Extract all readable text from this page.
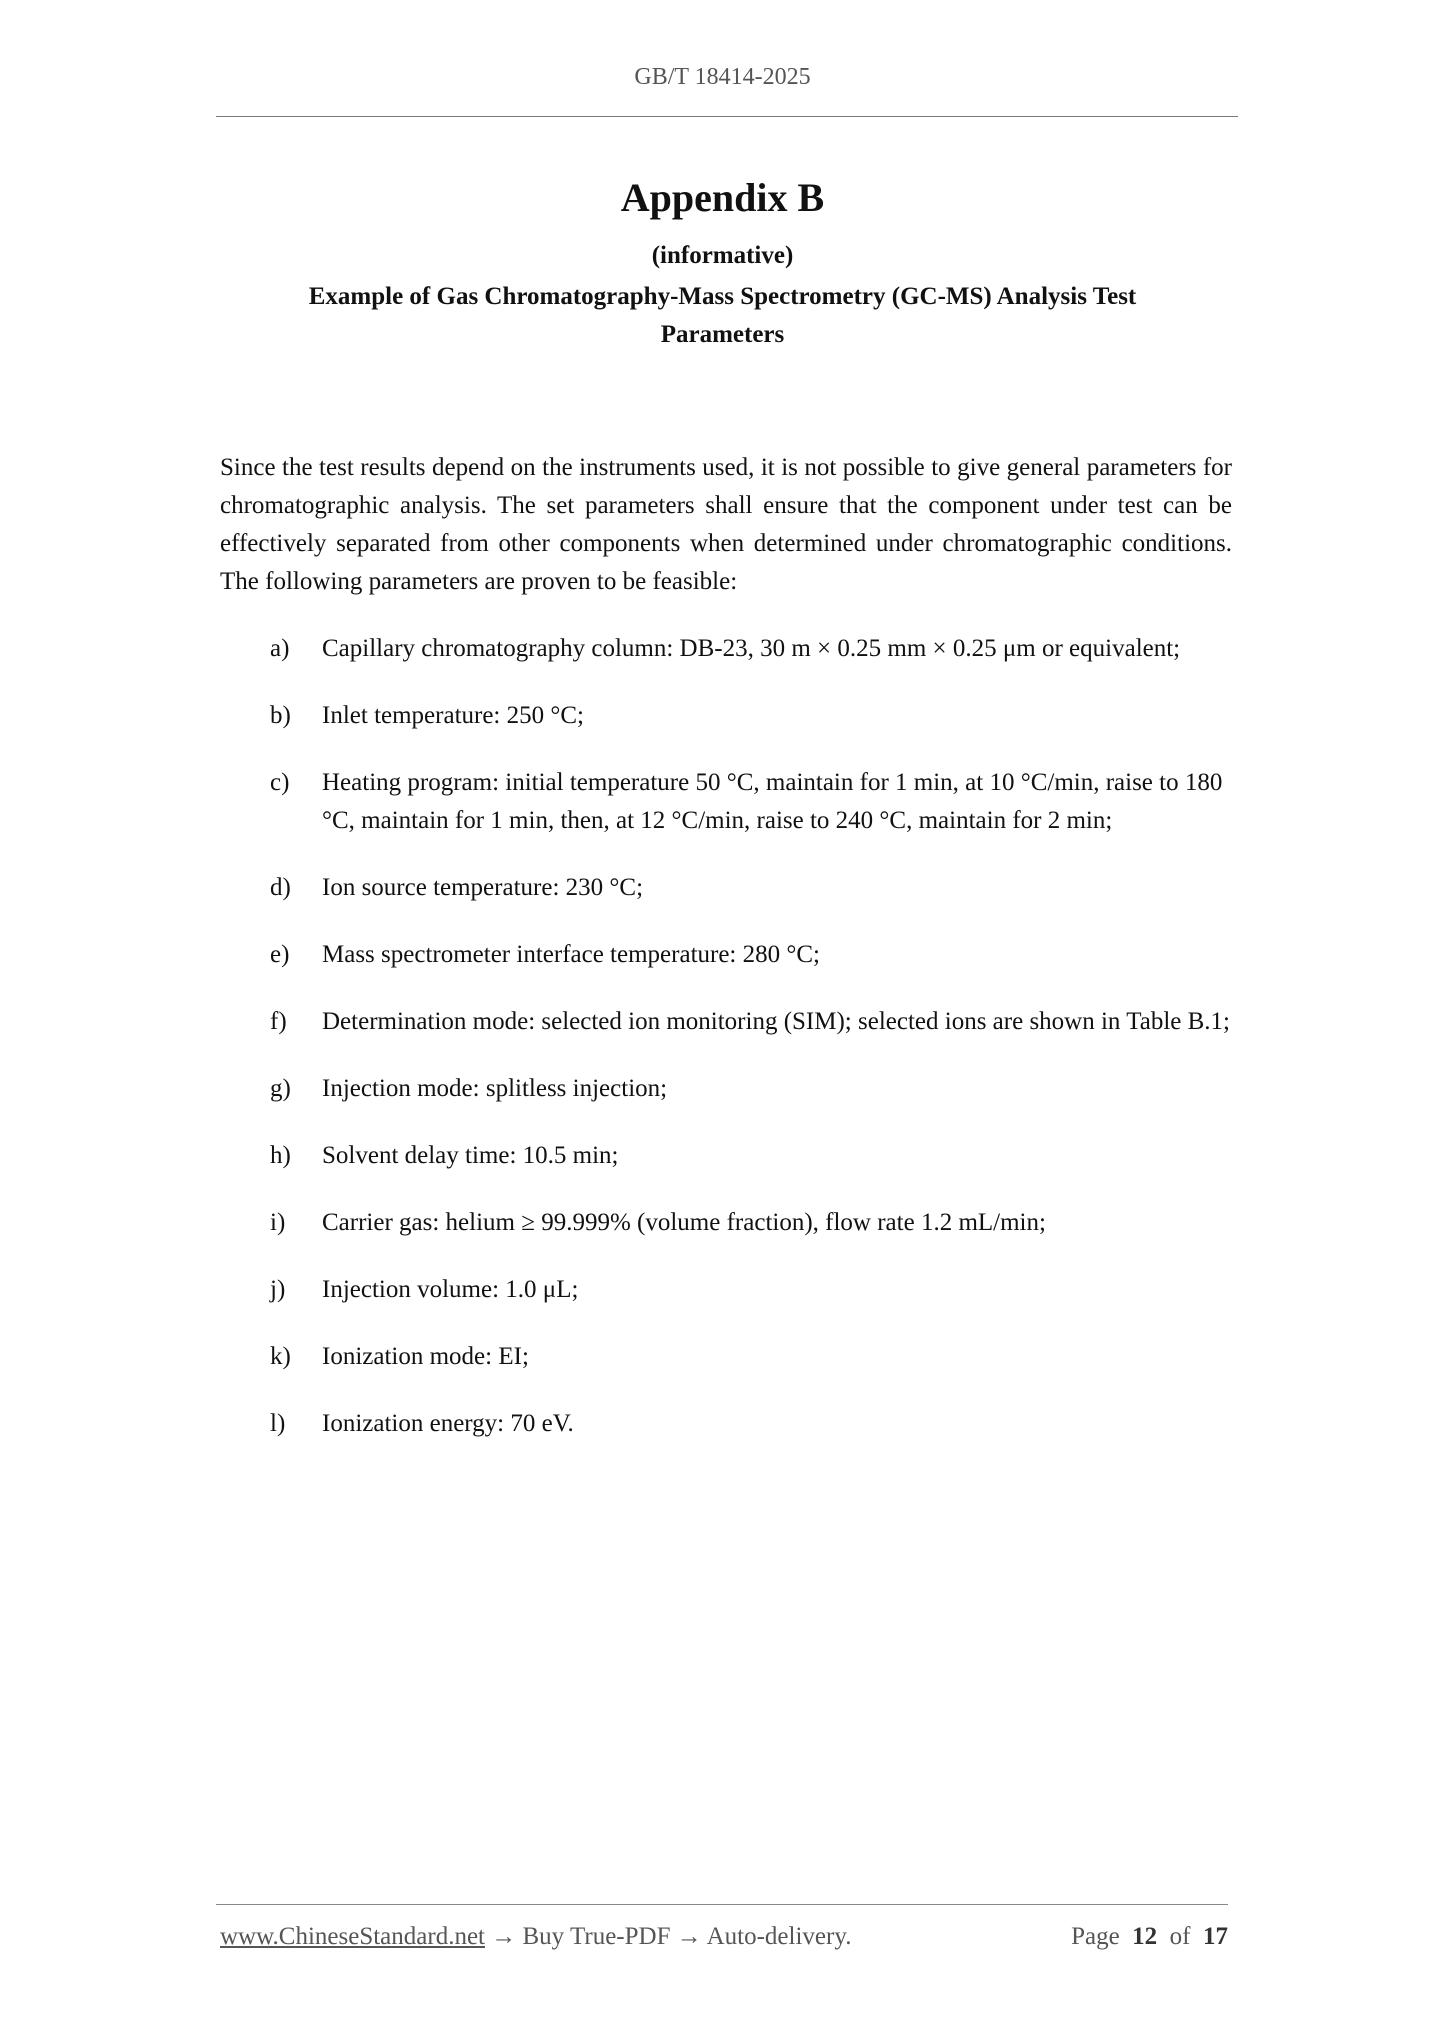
GB/T 18414-2025
Appendix B
(informative)
Example of Gas Chromatography-Mass Spectrometry (GC-MS) Analysis Test Parameters

Since the test results depend on the instruments used, it is not possible to give general parameters for chromatographic analysis. The set parameters shall ensure that the component under test can be effectively separated from other components when determined under chromatographic conditions. The following parameters are proven to be feasible:

a) Capillary chromatography column: DB-23, 30 m × 0.25 mm × 0.25 μm or equivalent;
b) Inlet temperature: 250 °C;
c) Heating program: initial temperature 50 °C, maintain for 1 min, at 10 °C/min, raise to 180 °C, maintain for 1 min, then, at 12 °C/min, raise to 240 °C, maintain for 2 min;
d) Ion source temperature: 230 °C;
e) Mass spectrometer interface temperature: 280 °C;
f) Determination mode: selected ion monitoring (SIM); selected ions are shown in Table B.1;
g) Injection mode: splitless injection;
h) Solvent delay time: 10.5 min;
i) Carrier gas: helium ≥ 99.999% (volume fraction), flow rate 1.2 mL/min;
j) Injection volume: 1.0 μL;
k) Ionization mode: EI;
l) Ionization energy: 70 eV.
www.ChineseStandard.net → Buy True-PDF → Auto-delivery.	Page 12 of 17
